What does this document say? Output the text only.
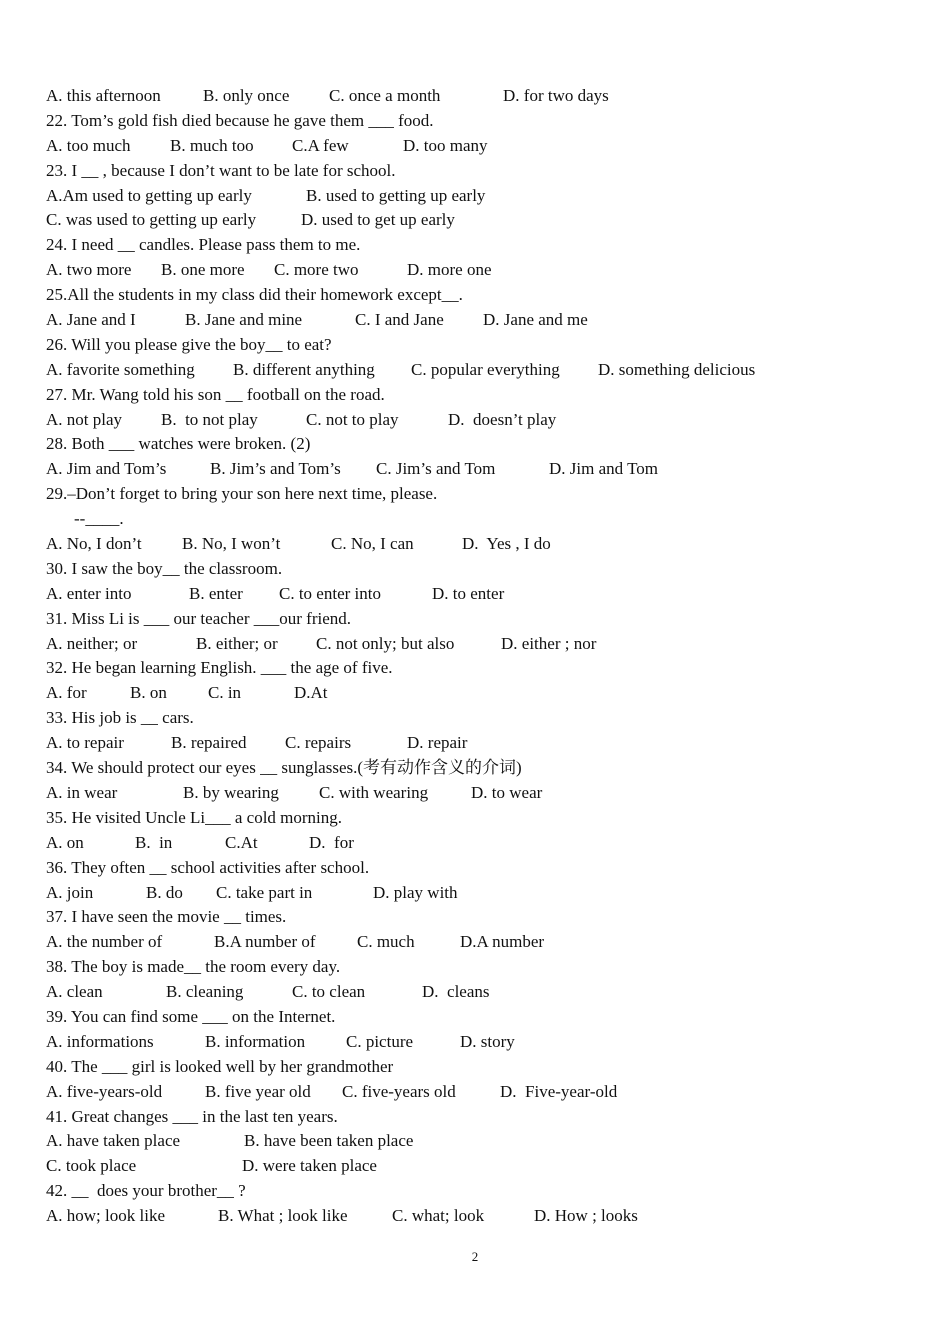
A. this afternoon B. only once C. once a month	D. for two days
22. Tom’s gold fish died because he gave them ___ food.
A. too much B. much too C.A few	D. too many
23. I __ , because I don’t want to be late for school.
A.Am used to getting up early	B. used to getting up early
C. was used to getting up early	D. used to get up early
24. I need __ candles. Please pass them to me.
A. two more B. one more C. more two	D. more one
25.All the students in my class did their homework except__.
A. Jane and I	B. Jane and mine	C. I and Jane D. Jane and me
26. Will you please give the boy__ to eat?
A. favorite something B. different anything C. popular everything D. something delicious
27. Mr. Wang told his son __ football on the road.
A. not play B.  to not play	C. not to play	D.  doesn’t play
28. Both ___ watches were broken. (2)
A. Jim and Tom’s	B. Jim’s and Tom’s C. Jim’s and Tom	D. Jim and Tom
29.–Don’t forget to bring your son here next time, please.
--____.
A. No, I don’t B. No, I won’t	C. No, I can	D.  Yes , I do
30. I saw the boy__ the classroom.
A. enter into	B. enter C. to enter into	D. to enter
31. Miss Li is ___ our teacher ___our friend.
A. neither; or	B. either; or C. not only; but also	D. either ; nor
32. He began learning English. ___ the age of five.
A. for	B. on C. in	D.At
33. His job is __ cars.
A. to repair	B. repaired C. repairs	D. repair
34. We should protect our eyes __ sunglasses.(考有动作含义的介词)
A. in wear	B. by wearing C. with wearing	D. to wear
35. He visited Uncle Li___ a cold morning.
A. on	B.  in	C.At	D.  for
36. They often __ school activities after school.
A. join	B. do C. take part in	D. play with
37. I have seen the movie __ times.
A. the number of	B.A number of C. much	D.A number
38. The boy is made__ the room every day.
A. clean	B. cleaning	C. to clean	D.  cleans
39. You can find some ___ on the Internet.
A. informations	B. information C. picture	D. story
40. The ___ girl is looked well by her grandmother
A. five-years-old	B. five year old C. five-years old	D.  Five-year-old
41. Great changes ___ in the last ten years.
A. have taken place	B. have been taken place
C. took place	D. were taken place
42. __  does your brother__ ?
A. how; look like	B. What ; look like	C. what; look	D. How ; looks
2
